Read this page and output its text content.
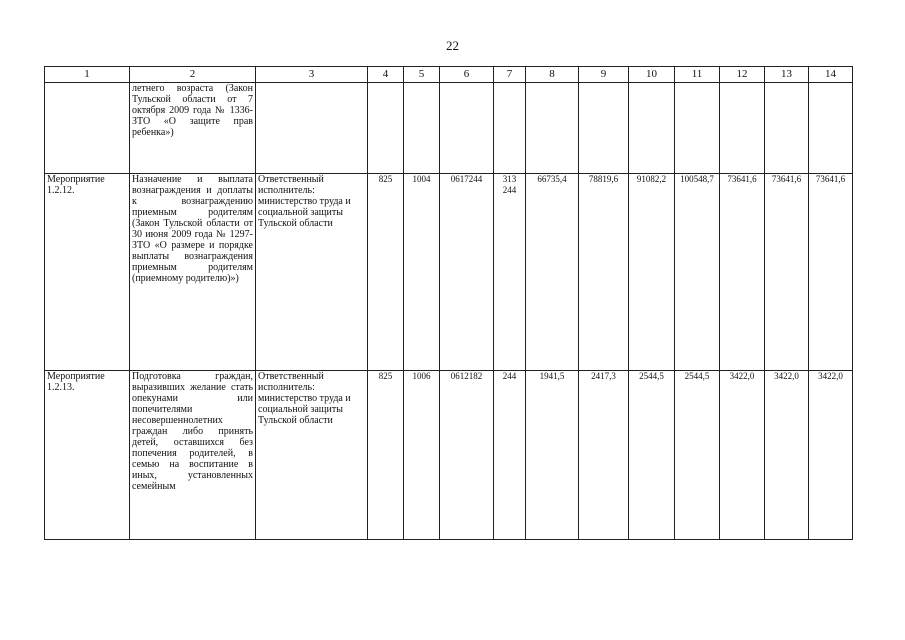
22
1	2	3	4	5	6	7	8	9	10	11	12	13	14
	летнего возраста (Закон Тульской области от 7 октября 2009 года № 1336-ЗТО «О защите прав ребенка»)												
Мероприятие 1.2.12.	Назначение и выплата вознаграждения и доплаты к вознаграждению приемным родителям (Закон Тульской области от 30 июня 2009 года № 1297-ЗТО «О размере и порядке выплаты вознаграждения приемным родителям (приемному родителю)»)	Ответственный исполнитель: министерство труда и социальной защиты Тульской области	825	1004	0617244	313 244	66735,4	78819,6	91082,2	100548,7	73641,6	73641,6	73641,6
Мероприятие 1.2.13.	Подготовка граждан, выразивших желание стать опекунами или попечителями несовершеннолетних граждан либо принять детей, оставшихся без попечения родителей, в семью на воспитание в иных, установленных семейным	Ответственный исполнитель: министерство труда и социальной защиты Тульской области	825	1006	0612182	244	1941,5	2417,3	2544,5	2544,5	3422,0	3422,0	3422,0
